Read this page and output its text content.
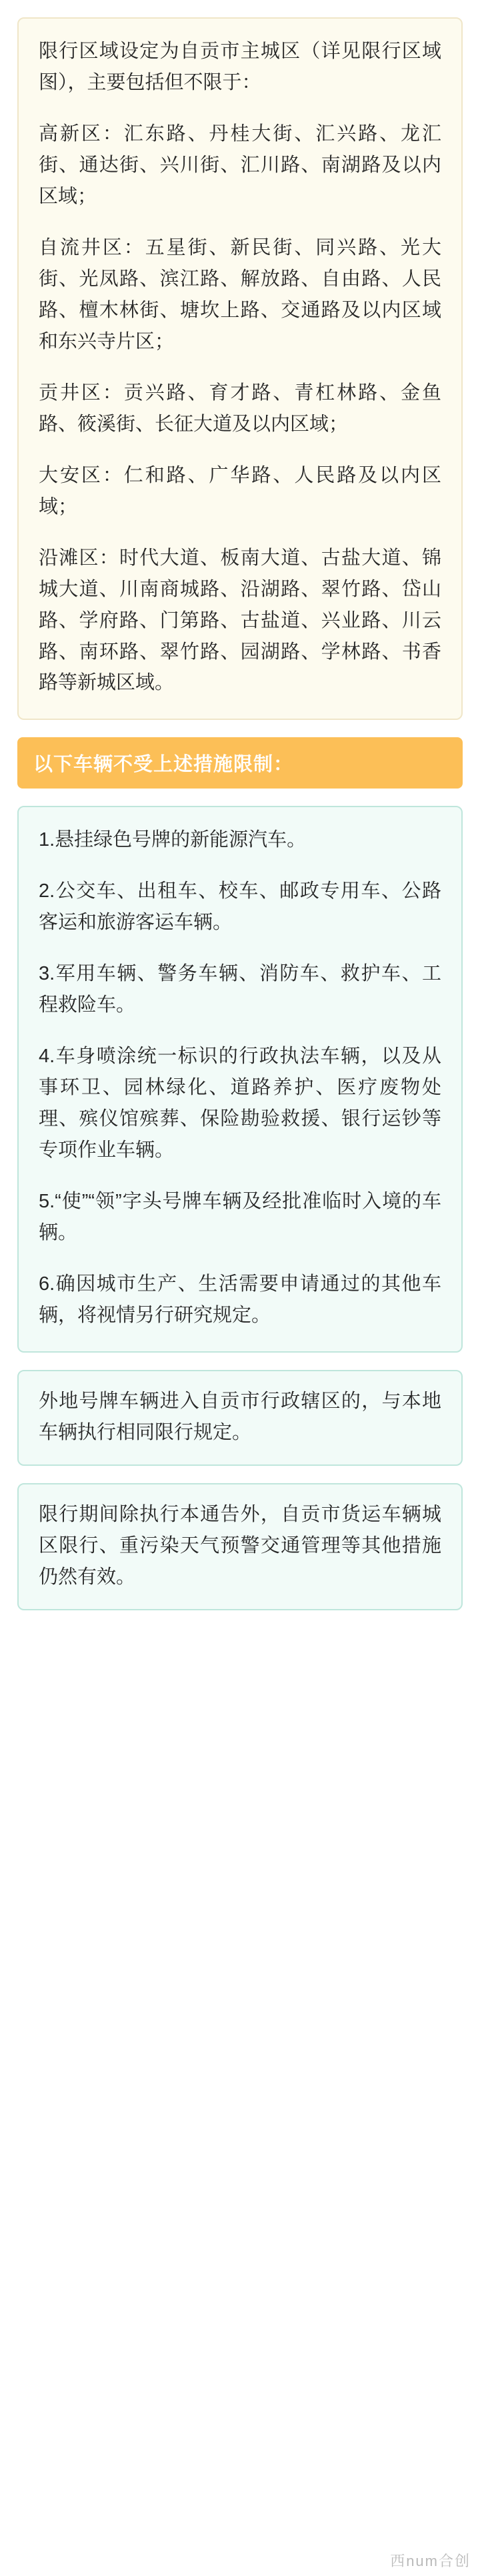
限行区域设定为自贡市主城区（详见限行区域图），主要包括但不限于：

高新区：汇东路、丹桂大街、汇兴路、龙汇街、通达街、兴川街、汇川路、南湖路及以内区域；

自流井区：五星街、新民街、同兴路、光大街、光凤路、滨江路、解放路、自由路、人民路、檀木林街、塘坎上路、交通路及以内区域和东兴寺片区；

贡井区：贡兴路、育才路、青杠林路、金鱼路、筱溪街、长征大道及以内区域；

大安区：仁和路、广华路、人民路及以内区域；

沿滩区：时代大道、板南大道、古盐大道、锦城大道、川南商城路、沿湖路、翠竹路、岱山路、学府路、门第路、古盐道、兴业路、川云路、南环路、翠竹路、园湖路、学林路、书香路等新城区域。

以下车辆不受上述措施限制：

1.悬挂绿色号牌的新能源汽车。

2.公交车、出租车、校车、邮政专用车、公路客运和旅游客运车辆。

3.军用车辆、警务车辆、消防车、救护车、工程救险车。

4.车身喷涂统一标识的行政执法车辆，以及从事环卫、园林绿化、道路养护、医疗废物处理、殡仪馆殡葬、保险勘验救援、银行运钞等专项作业车辆。

5.“使”“领”字头号牌车辆及经批准临时入境的车辆。

6.确因城市生产、生活需要申请通过的其他车辆，将视情另行研究规定。

外地号牌车辆进入自贡市行政辖区的，与本地车辆执行相同限行规定。

限行期间除执行本通告外，自贡市货运车辆城区限行、重污染天气预警交通管理等其他措施仍然有效。

西num合创
